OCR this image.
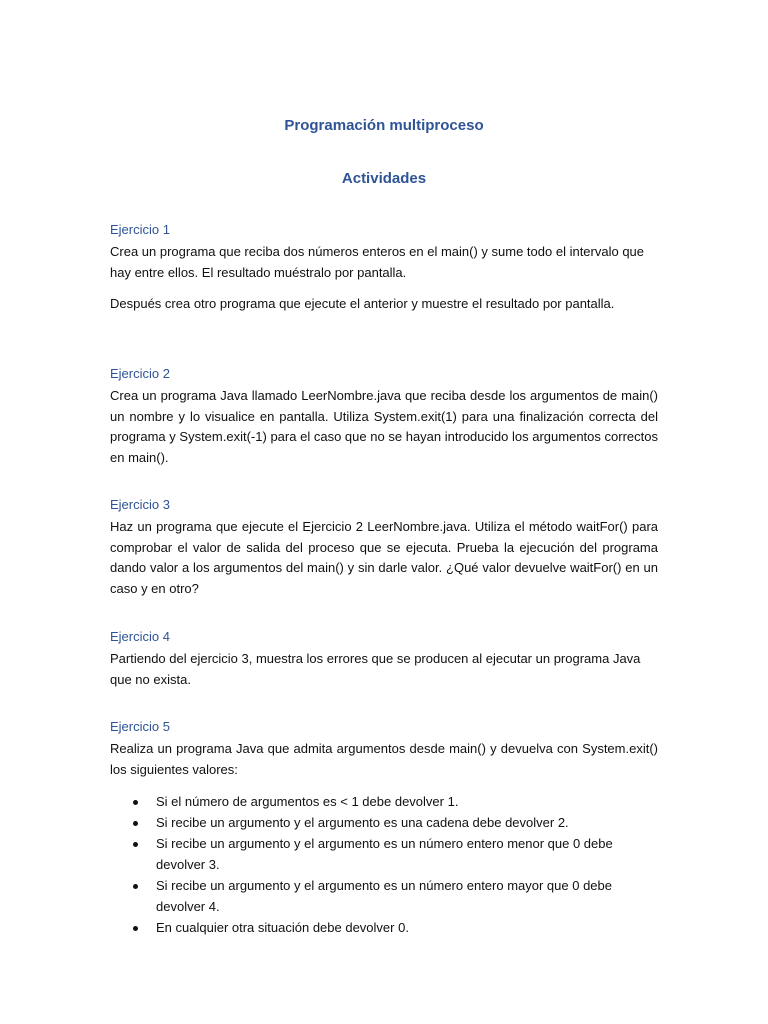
Programación multiproceso
Actividades
Ejercicio 1

Crea un programa que reciba dos números enteros en el main() y sume todo el intervalo que hay entre ellos. El resultado muéstralo por pantalla.

Después crea otro programa que ejecute el anterior y muestre el resultado por pantalla.

Ejercicio 2

Crea un programa Java llamado LeerNombre.java que reciba desde los argumentos de main() un nombre y lo visualice en pantalla. Utiliza System.exit(1) para una finalización correcta del programa y System.exit(-1) para el caso que no se hayan introducido los argumentos correctos en main().

Ejercicio 3

Haz un programa que ejecute el Ejercicio 2 LeerNombre.java. Utiliza el método waitFor() para comprobar el valor de salida del proceso que se ejecuta. Prueba la ejecución del programa dando valor a los argumentos del main() y sin darle valor. ¿Qué valor devuelve waitFor() en un caso y en otro?

Ejercicio 4

Partiendo del ejercicio 3, muestra los errores que se producen al ejecutar un programa Java que no exista.

Ejercicio 5

Realiza un programa Java que admita argumentos desde main() y devuelva con System.exit() los siguientes valores:

Si el número de argumentos es < 1 debe devolver 1.
Si recibe un argumento y el argumento es una cadena debe devolver 2.
Si recibe un argumento y el argumento es un número entero menor que 0 debe devolver 3.
Si recibe un argumento y el argumento es un número entero mayor que 0 debe devolver 4.
En cualquier otra situación debe devolver 0.
